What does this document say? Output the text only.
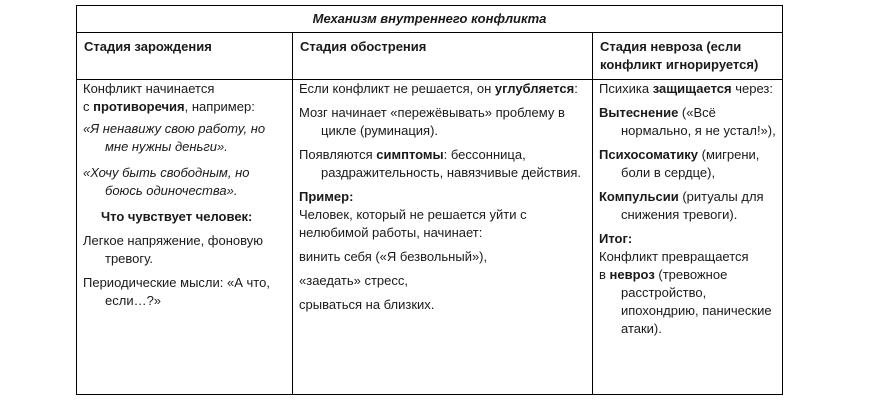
Механизм внутреннего конфликта
Стадия зарождения	Стадия обострения	Стадия невроза (если конфликт игнорируется)

Конфликт начинается

с противоречия, например:

«Я ненавижу свою работу, но мне нужны деньги».

«Хочу быть свободным, но боюсь одиночества».

Что чувствует человек:

Легкое напряжение, фоновую тревогу.

Периодические мысли: «А что, если…?»

Если конфликт не решается, он углубляется:

Мозг начинает «пережёвывать» проблему в цикле (руминация).

Появляются симптомы: бессонница, раздражительность, навязчивые действия.

Пример:

Человек, который не решается уйти с нелюбимой работы, начинает:

винить себя («Я безвольный»),

«заедать» стресс,

срываться на близких.

Психика защищается через:

Вытеснение («Всё нормально, я не устал!»),

Психосоматику (мигрени, боли в сердце),

Компульсии (ритуалы для снижения тревоги).

Итог:

Конфликт превращается

в невроз (тревожное расстройство, ипохондрию, панические атаки).
